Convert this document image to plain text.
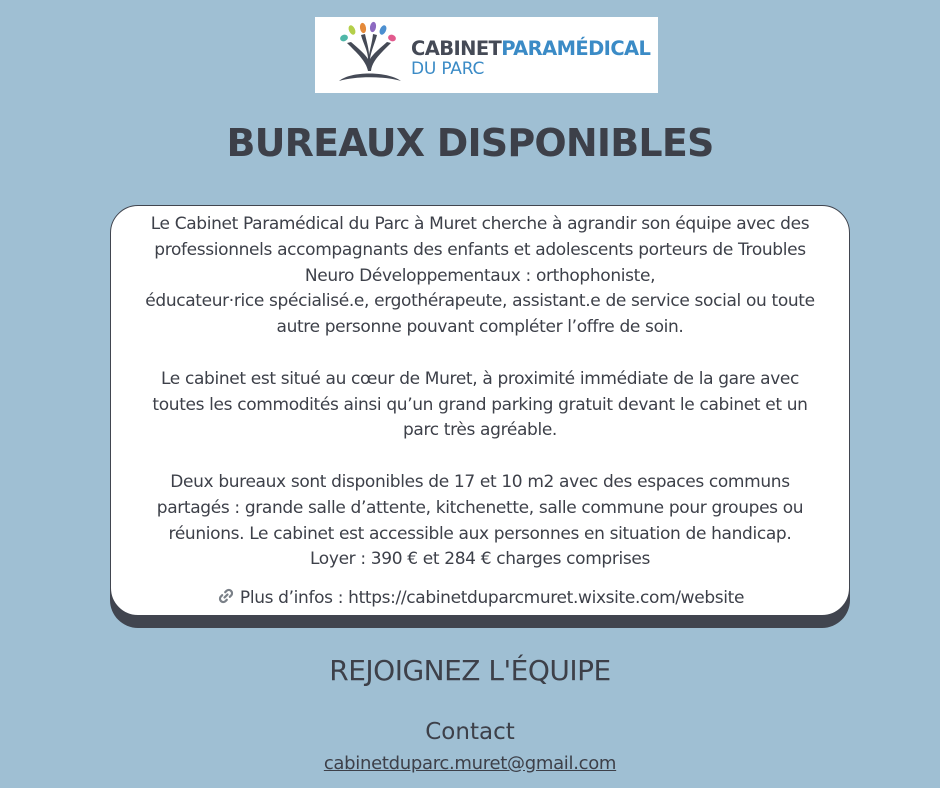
CABINETPARAMÉDICAL
DU PARC
BUREAUX DISPONIBLES

Le Cabinet Paramédical du Parc à Muret cherche à agrandir son équipe avec des
professionnels accompagnants des enfants et adolescents porteurs de Troubles
Neuro Développementaux : orthophoniste,
éducateur·rice spécialisé.e, ergothérapeute, assistant.e de service social ou toute
autre personne pouvant compléter l’offre de soin.

Le cabinet est situé au cœur de Muret, à proximité immédiate de la gare avec
toutes les commodités ainsi qu’un grand parking gratuit devant le cabinet et un
parc très agréable.

Deux bureaux sont disponibles de 17 et 10 m2 avec des espaces communs
partagés : grande salle d’attente, kitchenette, salle commune pour groupes ou
réunions. Le cabinet est accessible aux personnes en situation de handicap.
Loyer : 390 € et 284 € charges comprises

Plus d’infos : https://cabinetduparcmuret.wixsite.com/website
REJOIGNEZ L'ÉQUIPE
Contact
cabinetduparc.muret@gmail.com
